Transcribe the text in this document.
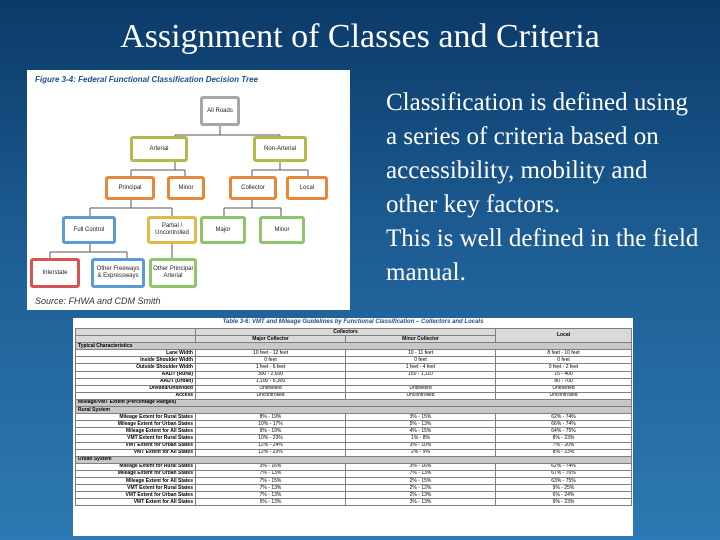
Assignment of Classes and Criteria

Classification is defined using a series of criteria based on accessibility, mobility and other key factors.

This is well defined in the field manual.

Figure 3-4: Federal Functional Classification Decision Tree
All Roads
Arterial	Non-Arterial
Principal	Minor	Collector	Local
Full Control
Partial / Uncontrolled
Major	Minor
Interstate
Other Freeways & Expressways
Other Principal Arterial
Source: FHWA and CDM Smith
Table 3-6: VMT and Mileage Guidelines by Functional Classification – Collectors and Locals
	Collectors		Local
	Major Collector	Minor Collector	
Typical Characteristics			
Lane Width	10 feet - 12 feet	10 - 11 feet	8 feet - 10 feet
Inside Shoulder Width	0 feet	0 feet	0 feet
Outside Shoulder Width	1 feet - 6 feet	1 feet - 4 feet	0 feet - 2 feet
AADT (Rural)	300 - 2,600	150 - 1,110	15 - 400
AADT (Urban)	1,100 - 6,300		80 - 700
Divided/Undivided	Undivided	Undivided	Undivided
Access	Uncontrolled	Uncontrolled	Uncontrolled
Mileage/VMT Extent (Percentage Ranges)			
Rural System			
Mileage Extent for Rural States	8% - 19%	3% - 15%	62% - 74%
Mileage Extent for Urban States	10% - 17%	5% - 13%	66% - 74%
Mileage Extent for All States	9% - 19%	4% - 15%	64% - 75%
VMT Extent for Rural States	10% - 23%	1% - 8%	8% - 23%
VMT Extent for Urban States	12% - 24%	3% - 10%	7% - 20%
VMT Extent for All States	12% - 23%	2% - 9%	8% - 23%
Urban System			
Mileage Extent for Rural States	3% - 16%	3% - 16%	62% - 74%
Mileage Extent for Urban States	7% - 13%	7% - 13%	67% - 76%
Mileage Extent for All States	7% - 15%	2% - 15%	63% - 75%
VMT Extent for Rural States	7% - 13%	2% - 12%	9% - 25%
VMT Extent for Urban States	7% - 13%	2% - 13%	6% - 24%
VMT Extent for All States	5% - 13%	3% - 13%	9% - 23%
